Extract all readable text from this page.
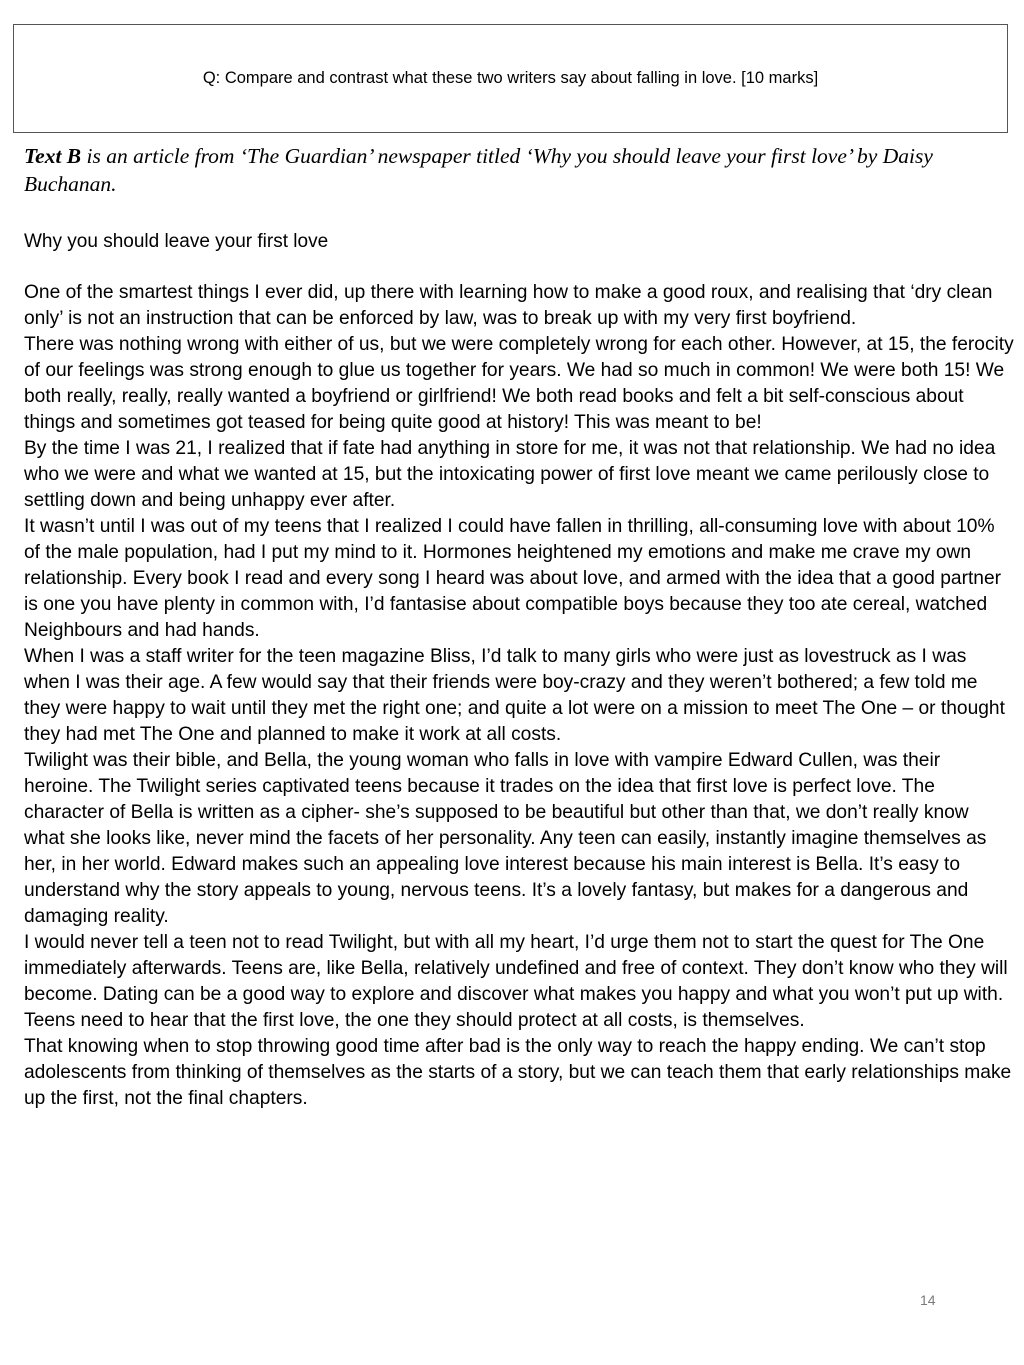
Q: Compare and contrast what these two writers say about falling in love. [10 marks]
Text B is an article from ‘The Guardian’ newspaper titled ‘Why you should leave your first love’ by Daisy Buchanan.
Why you should leave your first love

One of the smartest things I ever did, up there with learning how to make a good roux, and realising that ‘dry clean only’ is not an instruction that can be enforced by law, was to break up with my very first boyfriend.

There was nothing wrong with either of us, but we were completely wrong for each other. However, at 15, the ferocity of our feelings was strong enough to glue us together for years. We had so much in common! We were both 15! We both really, really, really wanted a boyfriend or girlfriend! We both read books and felt a bit self-conscious about things and sometimes got teased for being quite good at history! This was meant to be!

By the time I was 21, I realized that if fate had anything in store for me, it was not that relationship. We had no idea who we were and what we wanted at 15, but the intoxicating power of first love meant we came perilously close to settling down and being unhappy ever after.

It wasn’t until I was out of my teens that I realized I could have fallen in thrilling, all-consuming love with about 10% of the male population, had I put my mind to it. Hormones heightened my emotions and make me crave my own relationship. Every book I read and every song I heard was about love, and armed with the idea that a good partner is one you have plenty in common with, I’d fantasise about compatible boys because they too ate cereal, watched Neighbours and had hands.

When I was a staff writer for the teen magazine Bliss, I’d talk to many girls who were just as lovestruck as I was when I was their age. A few would say that their friends were boy-crazy and they weren’t bothered; a few told me they were happy to wait until they met the right one; and quite a lot were on a mission to meet The One – or thought they had met The One and planned to make it work at all costs.

Twilight was their bible, and Bella, the young woman who falls in love with vampire Edward Cullen, was their heroine. The Twilight series captivated teens because it trades on the idea that first love is perfect love. The character of Bella is written as a cipher- she’s supposed to be beautiful but other than that, we don’t really know what she looks like, never mind the facets of her personality. Any teen can easily, instantly imagine themselves as her, in her world. Edward makes such an appealing love interest because his main interest is Bella. It’s easy to understand why the story appeals to young, nervous teens. It’s a lovely fantasy, but makes for a dangerous and damaging reality.

I would never tell a teen not to read Twilight, but with all my heart, I’d urge them not to start the quest for The One immediately afterwards. Teens are, like Bella, relatively undefined and free of context. They don’t know who they will become. Dating can be a good way to explore and discover what makes you happy and what you won’t put up with.

Teens need to hear that the first love, the one they should protect at all costs, is themselves.

That knowing when to stop throwing good time after bad is the only way to reach the happy ending. We can’t stop adolescents from thinking of themselves as the starts of a story, but we can teach them that early relationships make up the first, not the final chapters.

14
